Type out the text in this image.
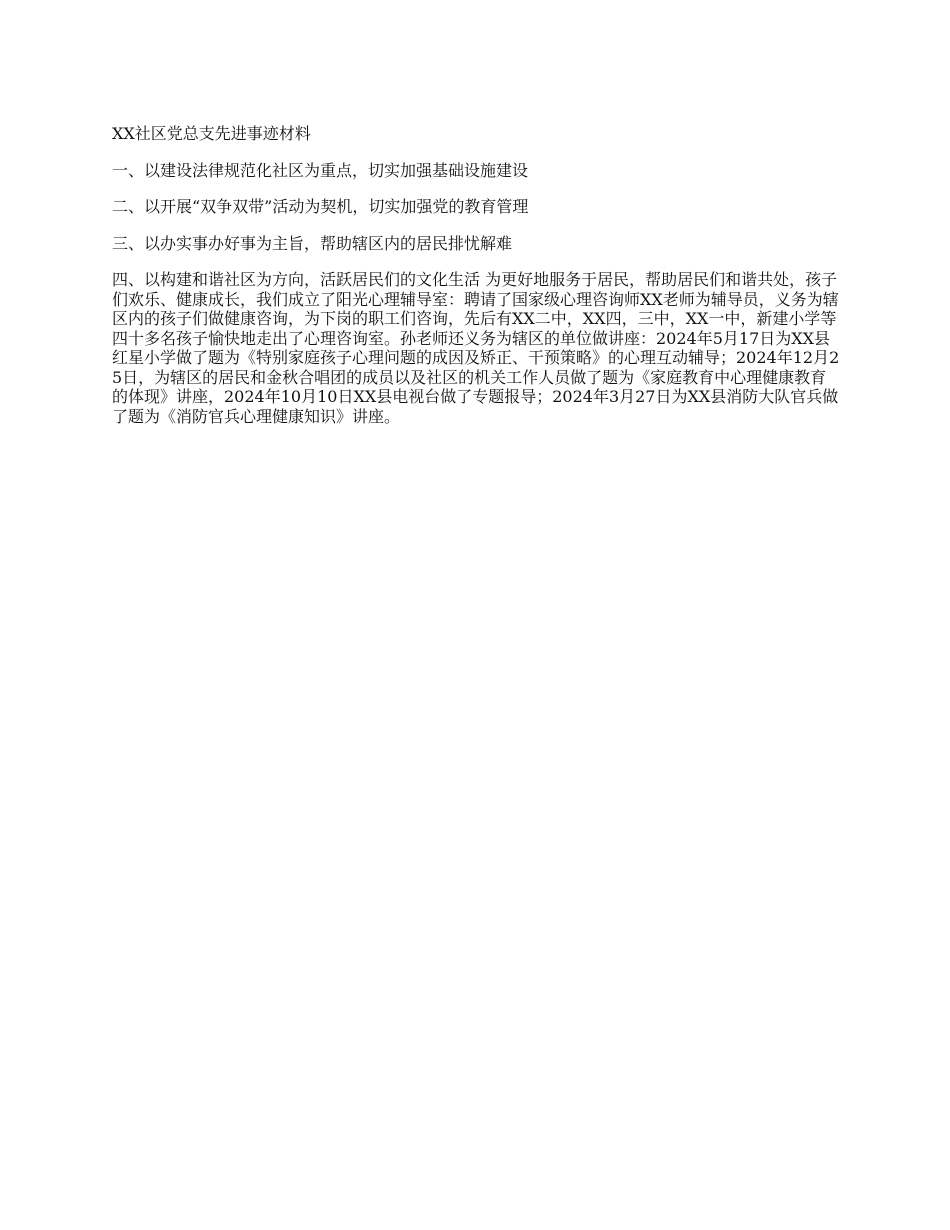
XX社区党总支先进事迹材料

一、以建设法律规范化社区为重点，切实加强基础设施建设

二、以开展“双争双带”活动为契机，切实加强党的教育管理

三、以办实事办好事为主旨，帮助辖区内的居民排忧解难

四、以构建和谐社区为方向，活跃居民们的文化生活 为更好地服务于居民，帮助居民们和谐共处，孩子们欢乐、健康成长，我们成立了阳光心理辅导室：聘请了国家级心理咨询师XX老师为辅导员，义务为辖区内的孩子们做健康咨询，为下岗的职工们咨询，先后有XX二中，XX四，三中，XX一中，新建小学等四十多名孩子愉快地走出了心理咨询室。孙老师还义务为辖区的单位做讲座：2024年5月17日为XX县红星小学做了题为《特别家庭孩子心理问题的成因及矫正、干预策略》的心理互动辅导；2024年12月25日，为辖区的居民和金秋合唱团的成员以及社区的机关工作人员做了题为《家庭教育中心理健康教育的体现》讲座，2024年10月10日XX县电视台做了专题报导；2024年3月27日为XX县消防大队官兵做了题为《消防官兵心理健康知识》讲座。
